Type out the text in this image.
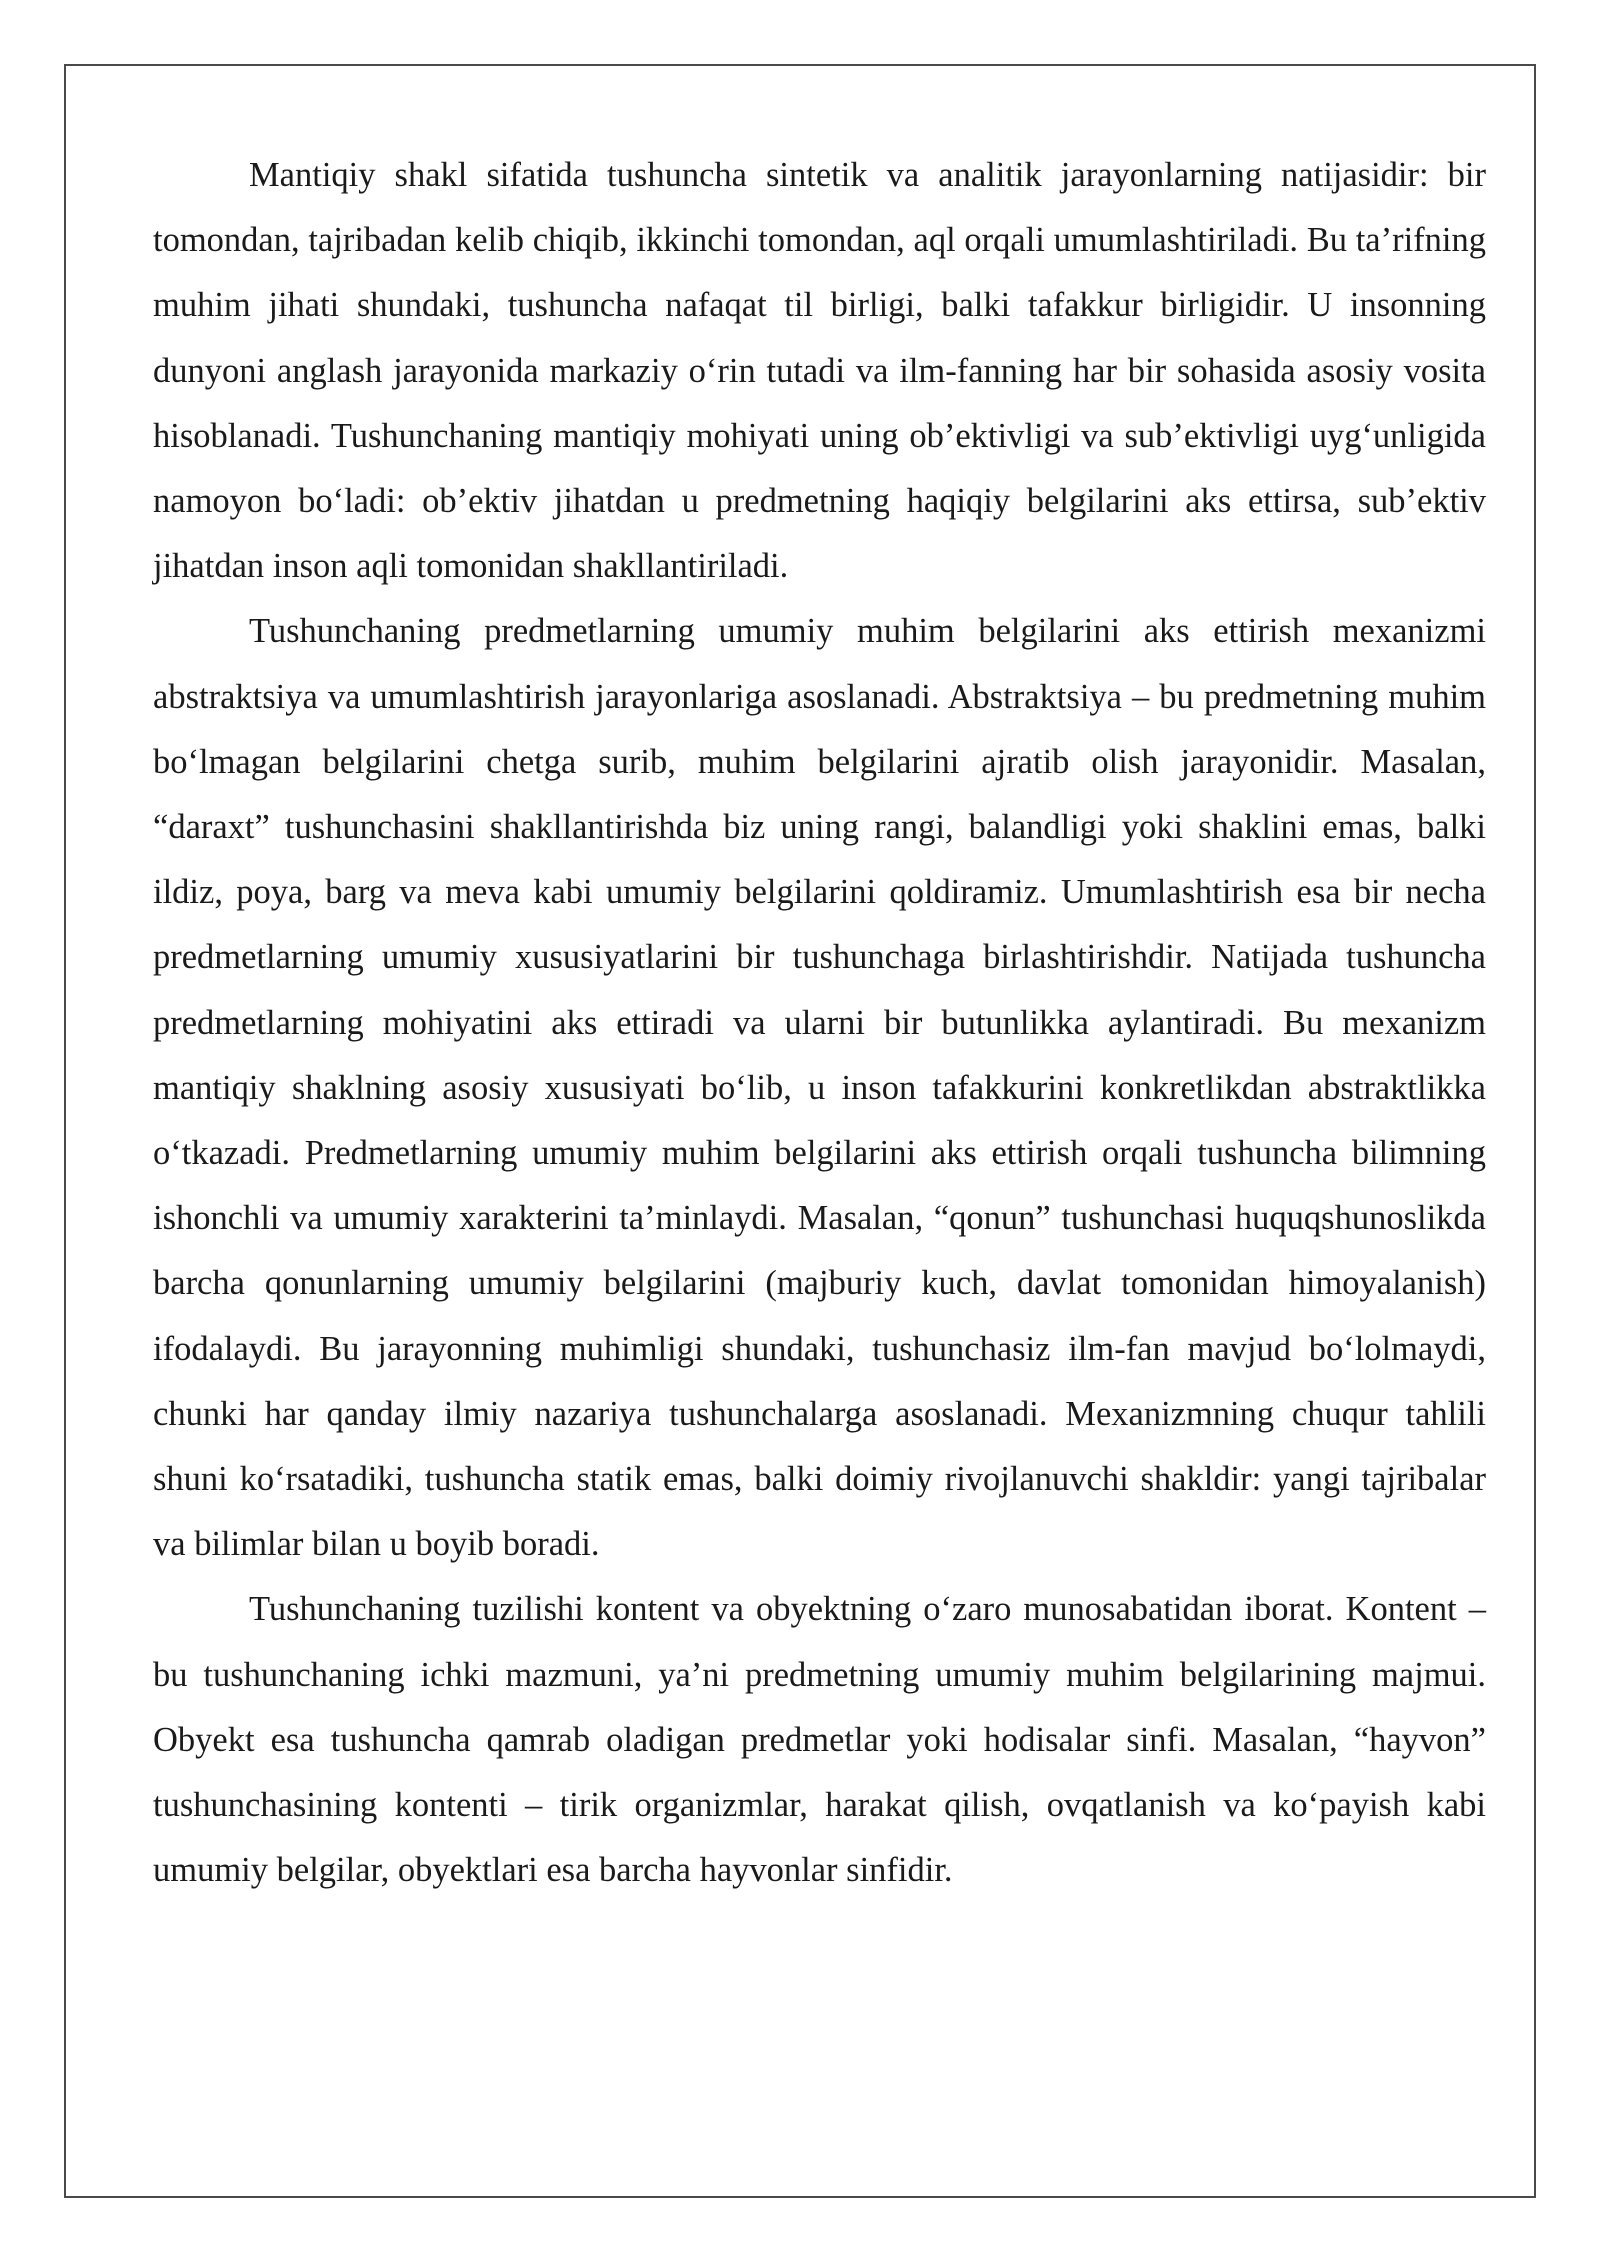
Mantiqiy shakl sifatida tushuncha sintetik va analitik jarayonlarning natijasidir: bir tomondan, tajribadan kelib chiqib, ikkinchi tomondan, aql orqali umumlashtiriladi. Bu ta’rifning muhim jihati shundaki, tushuncha nafaqat til birligi, balki tafakkur birligidir. U insonning dunyoni anglash jarayonida markaziy o‘rin tutadi va ilm-fanning har bir sohasida asosiy vosita hisoblanadi. Tushunchaning mantiqiy mohiyati uning ob’ektivligi va sub’ektivligi uyg‘unligida namoyon bo‘ladi: ob’ektiv jihatdan u predmetning haqiqiy belgilarini aks ettirsa, sub’ektiv jihatdan inson aqli tomonidan shakllantiriladi.

Tushunchaning predmetlarning umumiy muhim belgilarini aks ettirish mexanizmi abstraktsiya va umumlashtirish jarayonlariga asoslanadi. Abstraktsiya – bu predmetning muhim bo‘lmagan belgilarini chetga surib, muhim belgilarini ajratib olish jarayonidir. Masalan, “daraxt” tushunchasini shakllantirishda biz uning rangi, balandligi yoki shaklini emas, balki ildiz, poya, barg va meva kabi umumiy belgilarini qoldiramiz. Umumlashtirish esa bir necha predmetlarning umumiy xususiyatlarini bir tushunchaga birlashtirishdir. Natijada tushuncha predmetlarning mohiyatini aks ettiradi va ularni bir butunlikka aylantiradi. Bu mexanizm mantiqiy shaklning asosiy xususiyati bo‘lib, u inson tafakkurini konkretlikdan abstraktlikka o‘tkazadi. Predmetlarning umumiy muhim belgilarini aks ettirish orqali tushuncha bilimning ishonchli va umumiy xarakterini ta’minlaydi. Masalan, “qonun” tushunchasi huquqshunoslikda barcha qonunlarning umumiy belgilarini (majburiy kuch, davlat tomonidan himoyalanish) ifodalaydi. Bu jarayonning muhimligi shundaki, tushunchasiz ilm-fan mavjud bo‘lolmaydi, chunki har qanday ilmiy nazariya tushunchalarga asoslanadi. Mexanizmning chuqur tahlili shuni ko‘rsatadiki, tushuncha statik emas, balki doimiy rivojlanuvchi shakldir: yangi tajribalar va bilimlar bilan u boyib boradi.

Tushunchaning tuzilishi kontent va obyektning o‘zaro munosabatidan iborat. Kontent – bu tushunchaning ichki mazmuni, ya’ni predmetning umumiy muhim belgilarining majmui. Obyekt esa tushuncha qamrab oladigan predmetlar yoki hodisalar sinfi. Masalan, “hayvon” tushunchasining kontenti – tirik organizmlar, harakat qilish, ovqatlanish va ko‘payish kabi umumiy belgilar, obyektlari esa barcha hayvonlar sinfidir.
